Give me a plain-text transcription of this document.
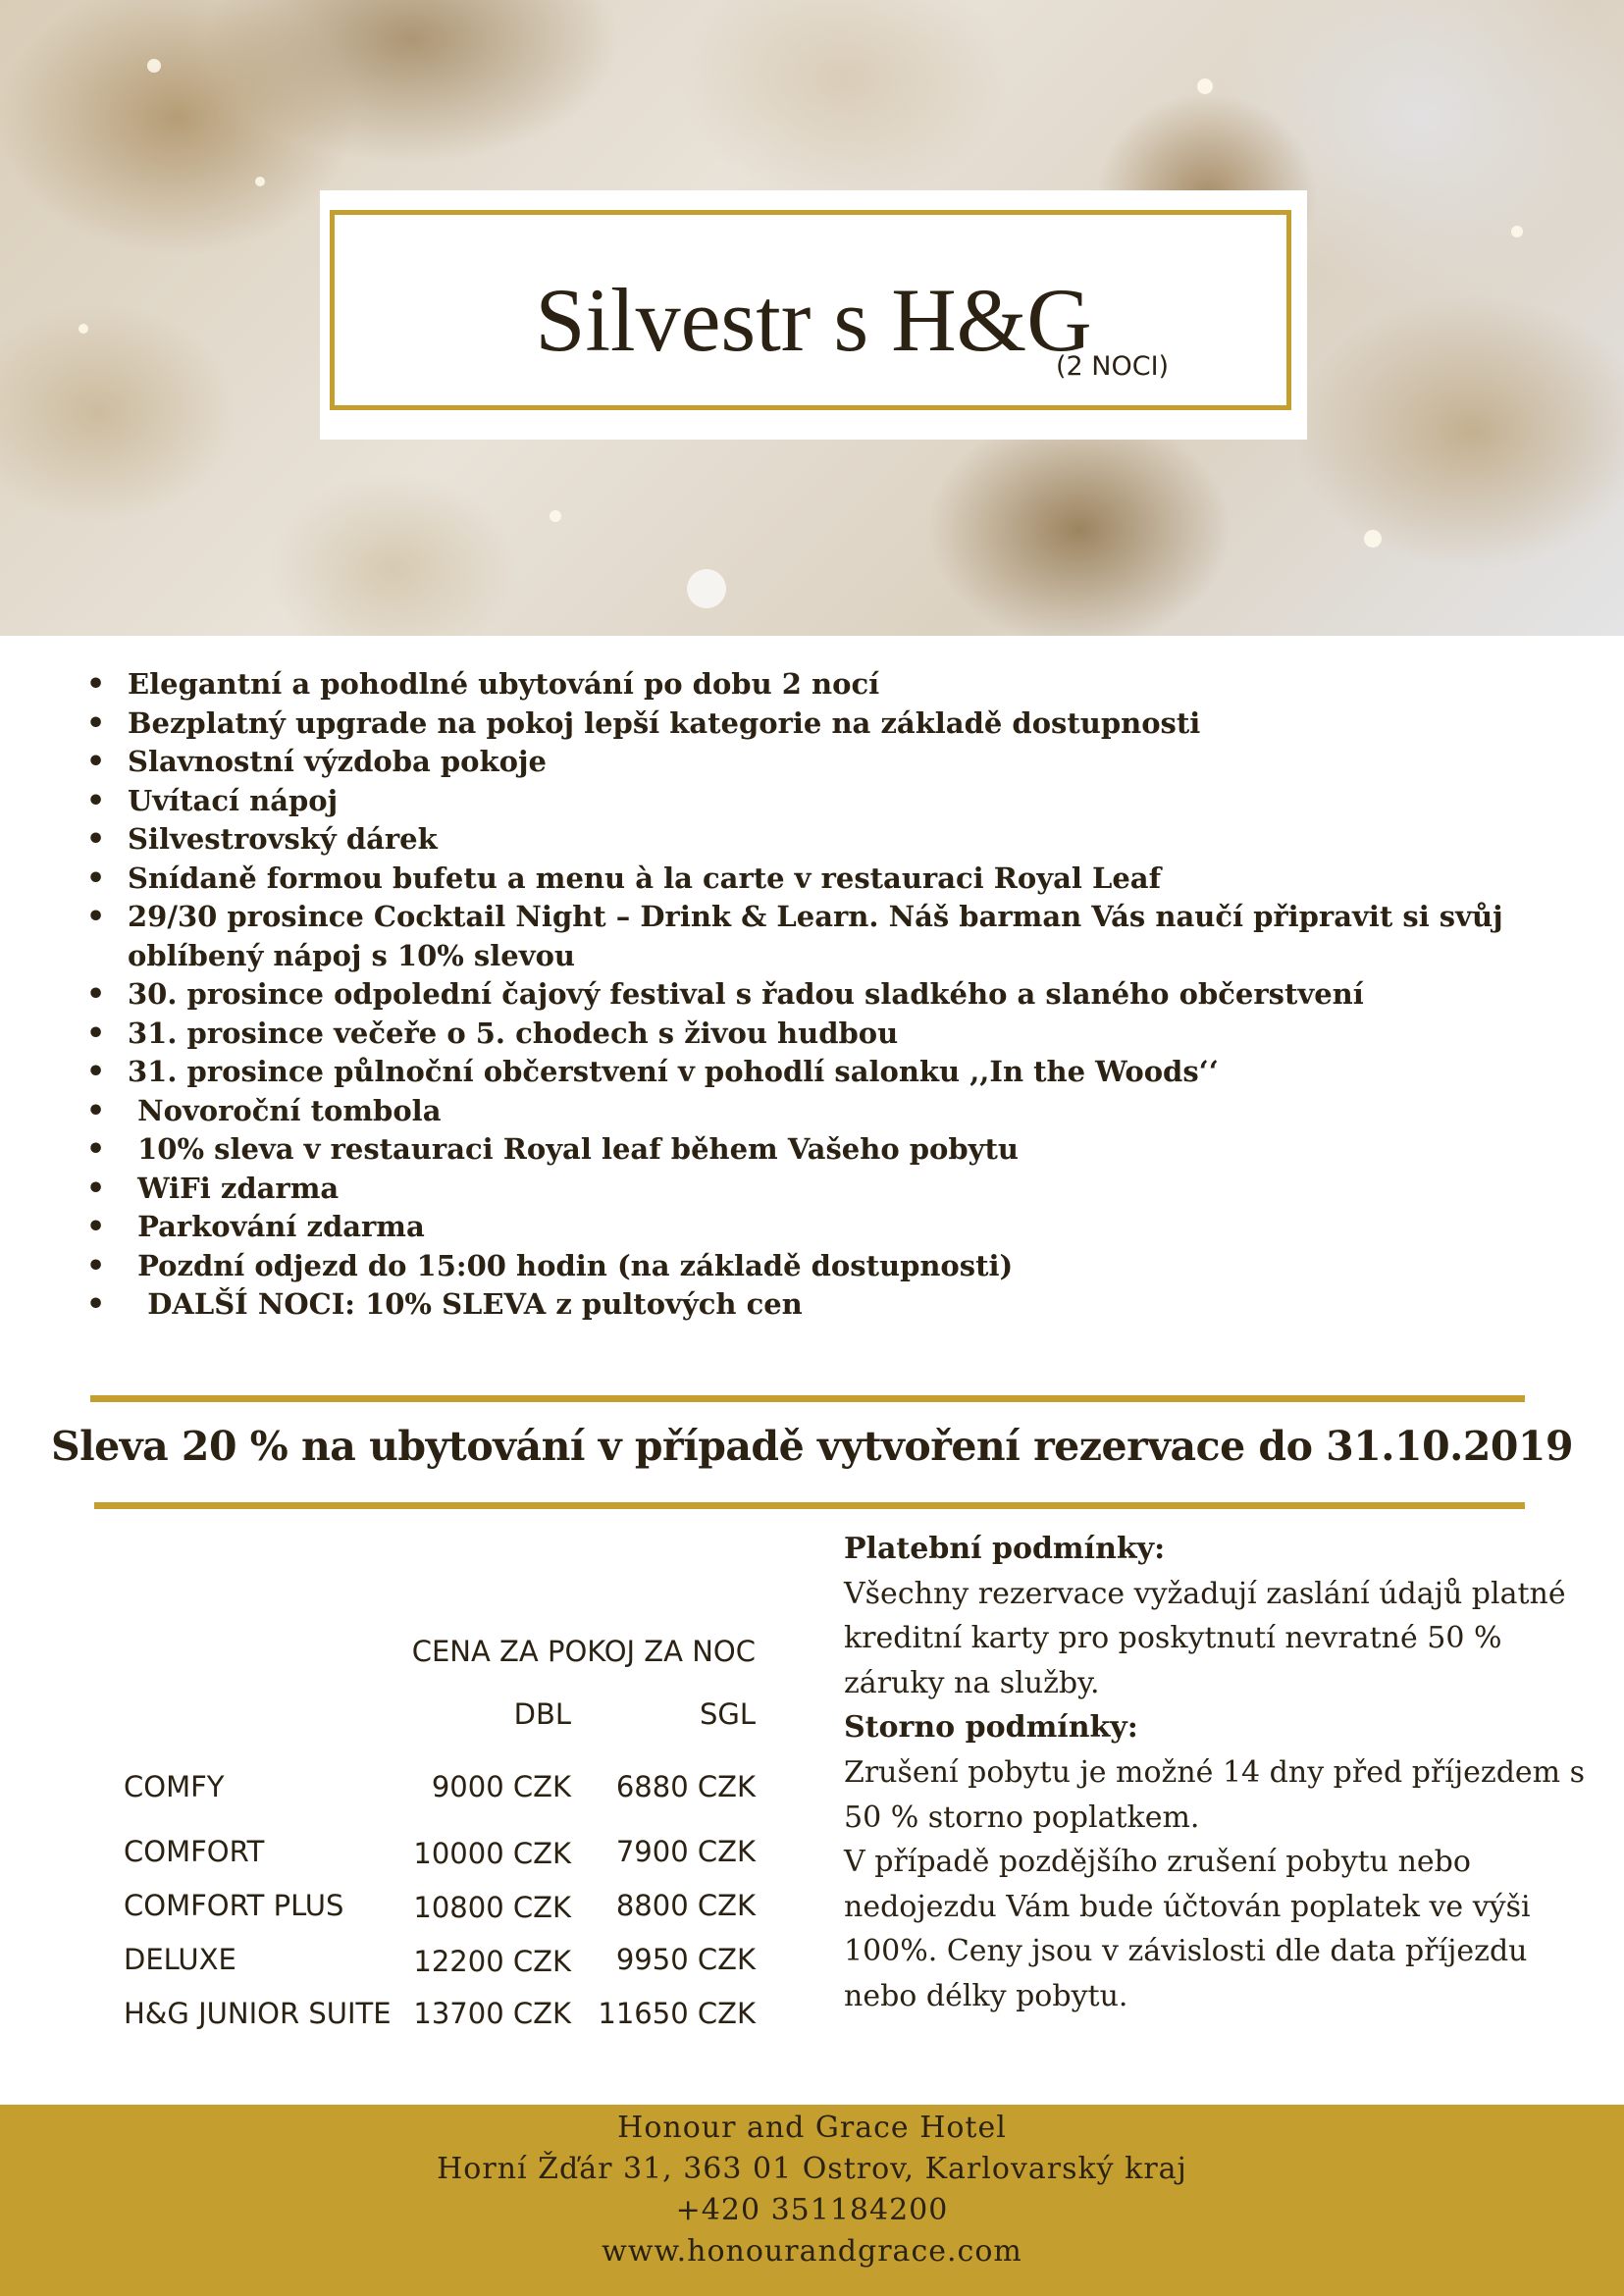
Silvestr s H&G
(2 NOCI)
• Elegantní a pohodlné ubytování po dobu 2 nocí
• Bezplatný upgrade na pokoj lepší kategorie na základě dostupnosti
• Slavnostní výzdoba pokoje
• Uvítací nápoj
• Silvestrovský dárek
• Snídaně formou bufetu a menu à la carte v restauraci Royal Leaf
• 29/30 prosince Cocktail Night – Drink & Learn. Náš barman Vás naučí připravit si svůj oblíbený nápoj s 10% slevou
• 30. prosince odpolední čajový festival s řadou sladkého a slaného občerstvení
• 31. prosince večeře o 5. chodech s živou hudbou
• 31. prosince půlnoční občerstvení v pohodlí salonku ,,In the Woods‘‘
•  Novoroční tombola
•  10% sleva v restauraci Royal leaf během Vašeho pobytu
•  WiFi zdarma
•  Parkování zdarma
•  Pozdní odjezd do 15:00 hodin (na základě dostupnosti)
•   DALŠÍ NOCI: 10% SLEVA z pultových cen
Sleva 20 % na ubytování v případě vytvoření rezervace do 31.10.2019
CENA ZA POKOJ ZA NOC
DBL	SGL
COMFY	9000 CZK	6880 CZK
COMFORT	10000 CZK	7900 CZK
COMFORT PLUS	10800 CZK	8800 CZK
DELUXE	12200 CZK	9950 CZK
H&G JUNIOR SUITE 13700 CZK 11650 CZK
Platební podmínky:
Všechny rezervace vyžadují zaslání údajů platné kreditní karty pro poskytnutí nevratné 50 % záruky na služby.
Storno podmínky:
Zrušení pobytu je možné 14 dny před příjezdem s 50 % storno poplatkem.
V případě pozdějšího zrušení pobytu nebo nedojezdu Vám bude účtován poplatek ve výši 100%. Ceny jsou v závislosti dle data příjezdu nebo délky pobytu.
Honour and Grace Hotel
Horní Žďár 31, 363 01 Ostrov, Karlovarský kraj
+420 351184200
www.honourandgrace.com
